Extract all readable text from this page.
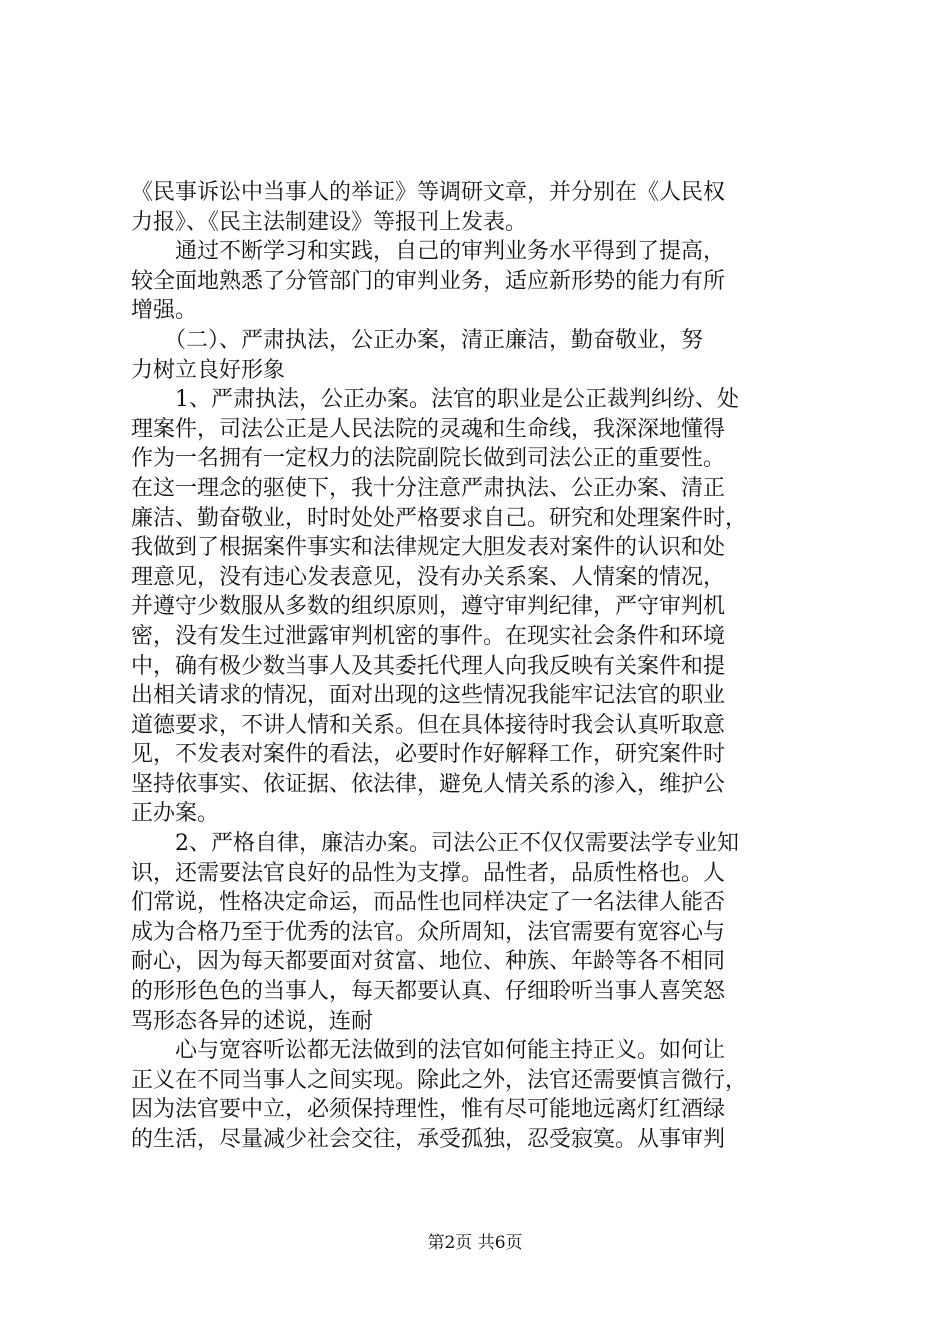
《民事诉讼中当事人的举证》等调研文章，并分别在《人民权
力报》、《民主法制建设》等报刊上发表。
　　通过不断学习和实践，自己的审判业务水平得到了提高，
较全面地熟悉了分管部门的审判业务，适应新形势的能力有所
增强。
　　（二）、严肃执法，公正办案，清正廉洁，勤奋敬业，努
力树立良好形象
　　1、严肃执法，公正办案。法官的职业是公正裁判纠纷、处
理案件，司法公正是人民法院的灵魂和生命线，我深深地懂得
作为一名拥有一定权力的法院副院长做到司法公正的重要性。
在这一理念的驱使下，我十分注意严肃执法、公正办案、清正
廉洁、勤奋敬业，时时处处严格要求自己。研究和处理案件时，
我做到了根据案件事实和法律规定大胆发表对案件的认识和处
理意见，没有违心发表意见，没有办关系案、人情案的情况，
并遵守少数服从多数的组织原则，遵守审判纪律，严守审判机
密，没有发生过泄露审判机密的事件。在现实社会条件和环境
中，确有极少数当事人及其委托代理人向我反映有关案件和提
出相关请求的情况，面对出现的这些情况我能牢记法官的职业
道德要求，不讲人情和关系。但在具体接待时我会认真听取意
见，不发表对案件的看法，必要时作好解释工作，研究案件时
坚持依事实、依证据、依法律，避免人情关系的渗入，维护公
正办案。
　　2、严格自律，廉洁办案。司法公正不仅仅需要法学专业知
识，还需要法官良好的品性为支撑。品性者，品质性格也。人
们常说，性格决定命运，而品性也同样决定了一名法律人能否
成为合格乃至于优秀的法官。众所周知，法官需要有宽容心与
耐心，因为每天都要面对贫富、地位、种族、年龄等各不相同
的形形色色的当事人，每天都要认真、仔细聆听当事人喜笑怒
骂形态各异的述说，连耐
　　心与宽容听讼都无法做到的法官如何能主持正义。如何让
正义在不同当事人之间实现。除此之外，法官还需要慎言微行，
因为法官要中立，必须保持理性，惟有尽可能地远离灯红酒绿
的生活，尽量减少社会交往，承受孤独，忍受寂寞。从事审判
第2页 共6页
